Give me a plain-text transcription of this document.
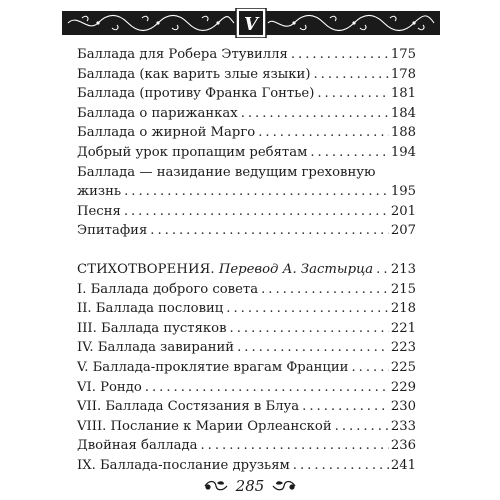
V
Баллада для Робера Этувилля . . .	175
Баллада (как варить злые языки) . . .	178
Баллада (противу Франка Гонтье) . . .	181
Баллада о парижанках . . .	184
Баллада о жирной Марго . . .	188
Добрый урок пропащим ребятам . . .	194
Баллада — назидание ведущим греховную
жизнь . . .	195
Песня . . .	201
Эпитафия . . .	207
СТИХОТВОРЕНИЯ. Перевод А. Застырца . . . 213
I. Баллада доброго совета . . .	215
II. Баллада пословиц . . .	218
III. Баллада пустяков . . .	221
IV. Баллада завираний . . .	223
V. Баллада-проклятие врагам Франции . . .	225
VI. Рондо . . .	229
VII. Баллада Состязания в Блуа . . .	230
VIII. Послание к Марии Орлеанской . . .	233
Двойная баллада . . .	236
IX. Баллада-послание друзьям . . .	241
285
